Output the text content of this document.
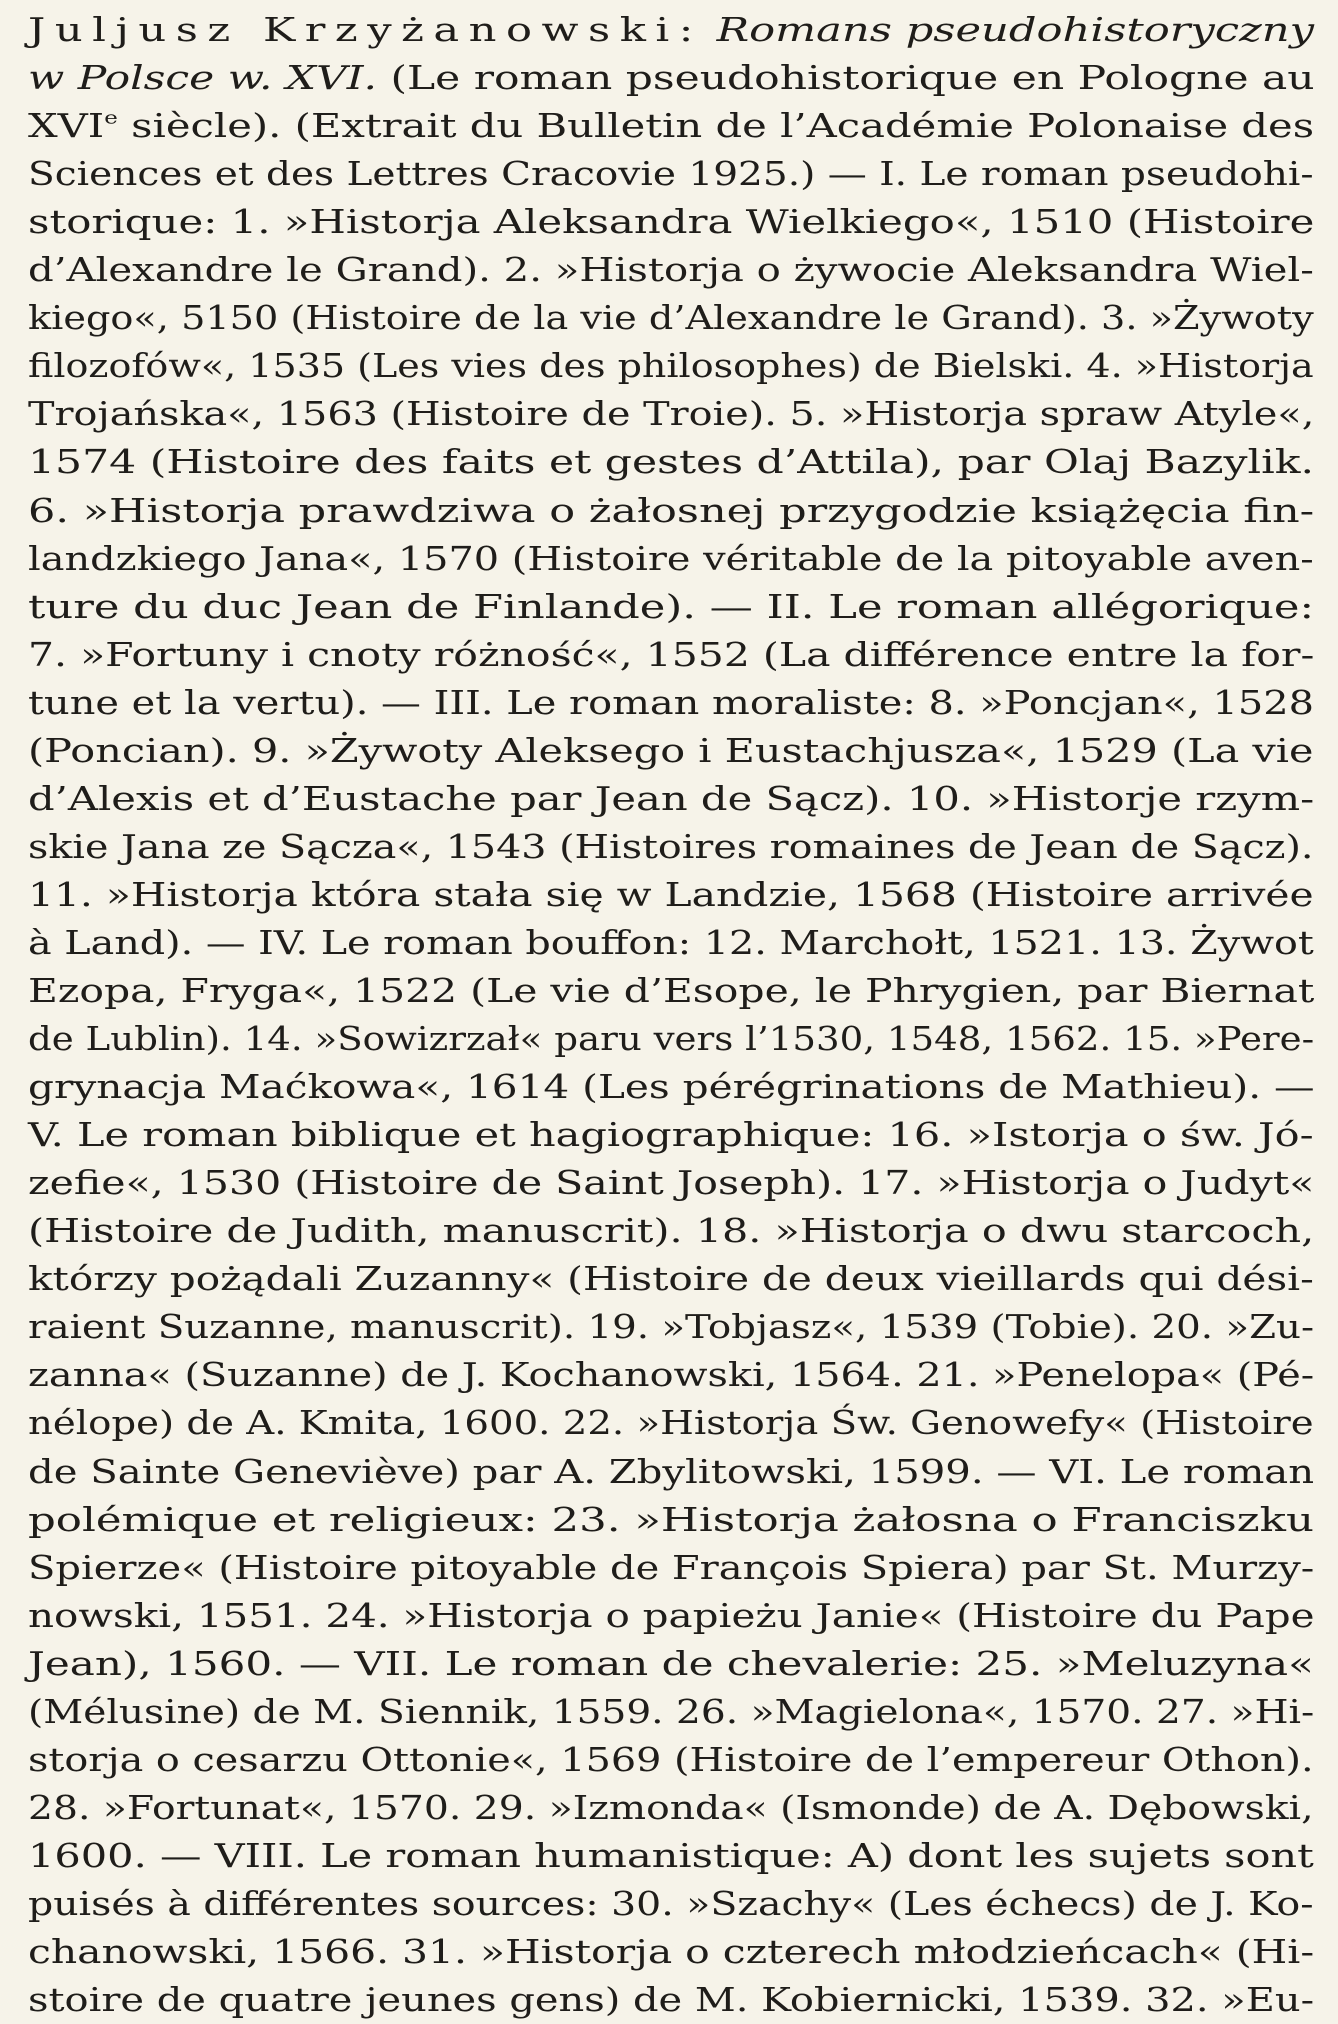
Juljusz Krzyżanowski: Romans pseudohistoryczny
w Polsce w. XVI. (Le roman pseudohistorique en Pologne au
XVIe siècle). (Extrait du Bulletin de l’Académie Polonaise des
Sciences et des Lettres Cracovie 1925.) — I. Le roman pseudohi-
storique: 1. »Historja Aleksandra Wielkiego«, 1510 (Histoire
d’Alexandre le Grand). 2. »Historja o żywocie Aleksandra Wiel-
kiego«, 5150 (Histoire de la vie d’Alexandre le Grand). 3. »Żywoty
filozofów«, 1535 (Les vies des philosophes) de Bielski. 4. »Historja
Trojańska«, 1563 (Histoire de Troie). 5. »Historja spraw Atyle«,
1574 (Histoire des faits et gestes d’Attila), par Olaj Bazylik.
6. »Historja prawdziwa o żałosnej przygodzie książęcia fin-
landzkiego Jana«, 1570 (Histoire véritable de la pitoyable aven-
ture du duc Jean de Finlande). — II. Le roman allégorique:
7. »Fortuny i cnoty różność«, 1552 (La différence entre la for-
tune et la vertu). — III. Le roman moraliste: 8. »Poncjan«, 1528
(Poncian). 9. »Żywoty Aleksego i Eustachjusza«, 1529 (La vie
d’Alexis et d’Eustache par Jean de Sącz). 10. »Historje rzym-
skie Jana ze Sącza«, 1543 (Histoires romaines de Jean de Sącz).
11. »Historja która stała się w Landzie, 1568 (Histoire arrivée
à Land). — IV. Le roman bouffon: 12. Marchołt, 1521. 13. Żywot
Ezopa, Fryga«, 1522 (Le vie d’Esope, le Phrygien, par Biernat
de Lublin). 14. »Sowizrzał« paru vers l’1530, 1548, 1562. 15. »Pere-
grynacja Maćkowa«, 1614 (Les pérégrinations de Mathieu). —
V. Le roman biblique et hagiographique: 16. »Istorja o św. Jó-
zefie«, 1530 (Histoire de Saint Joseph). 17. »Historja o Judyt«
(Histoire de Judith, manuscrit). 18. »Historja o dwu starcoch,
którzy pożądali Zuzanny« (Histoire de deux vieillards qui dési-
raient Suzanne, manuscrit). 19. »Tobjasz«, 1539 (Tobie). 20. »Zu-
zanna« (Suzanne) de J. Kochanowski, 1564. 21. »Penelopa« (Pé-
nélope) de A. Kmita, 1600. 22. »Historja Św. Genowefy« (Histoire
de Sainte Geneviève) par A. Zbylitowski, 1599. — VI. Le roman
polémique et religieux: 23. »Historja żałosna o Franciszku
Spierze« (Histoire pitoyable de François Spiera) par St. Murzy-
nowski, 1551. 24. »Historja o papieżu Janie« (Histoire du Pape
Jean), 1560. — VII. Le roman de chevalerie: 25. »Meluzyna«
(Mélusine) de M. Siennik, 1559. 26. »Magielona«, 1570. 27. »Hi-
storja o cesarzu Ottonie«, 1569 (Histoire de l’empereur Othon).
28. »Fortunat«, 1570. 29. »Izmonda« (Ismonde) de A. Dębowski,
1600. — VIII. Le roman humanistique: A) dont les sujets sont
puisés à différentes sources: 30. »Szachy« (Les échecs) de J. Ko-
chanowski, 1566. 31. »Historja o czterech młodzieńcach« (Hi-
stoire de quatre jeunes gens) de M. Kobiernicki, 1539. 32. »Eu-
